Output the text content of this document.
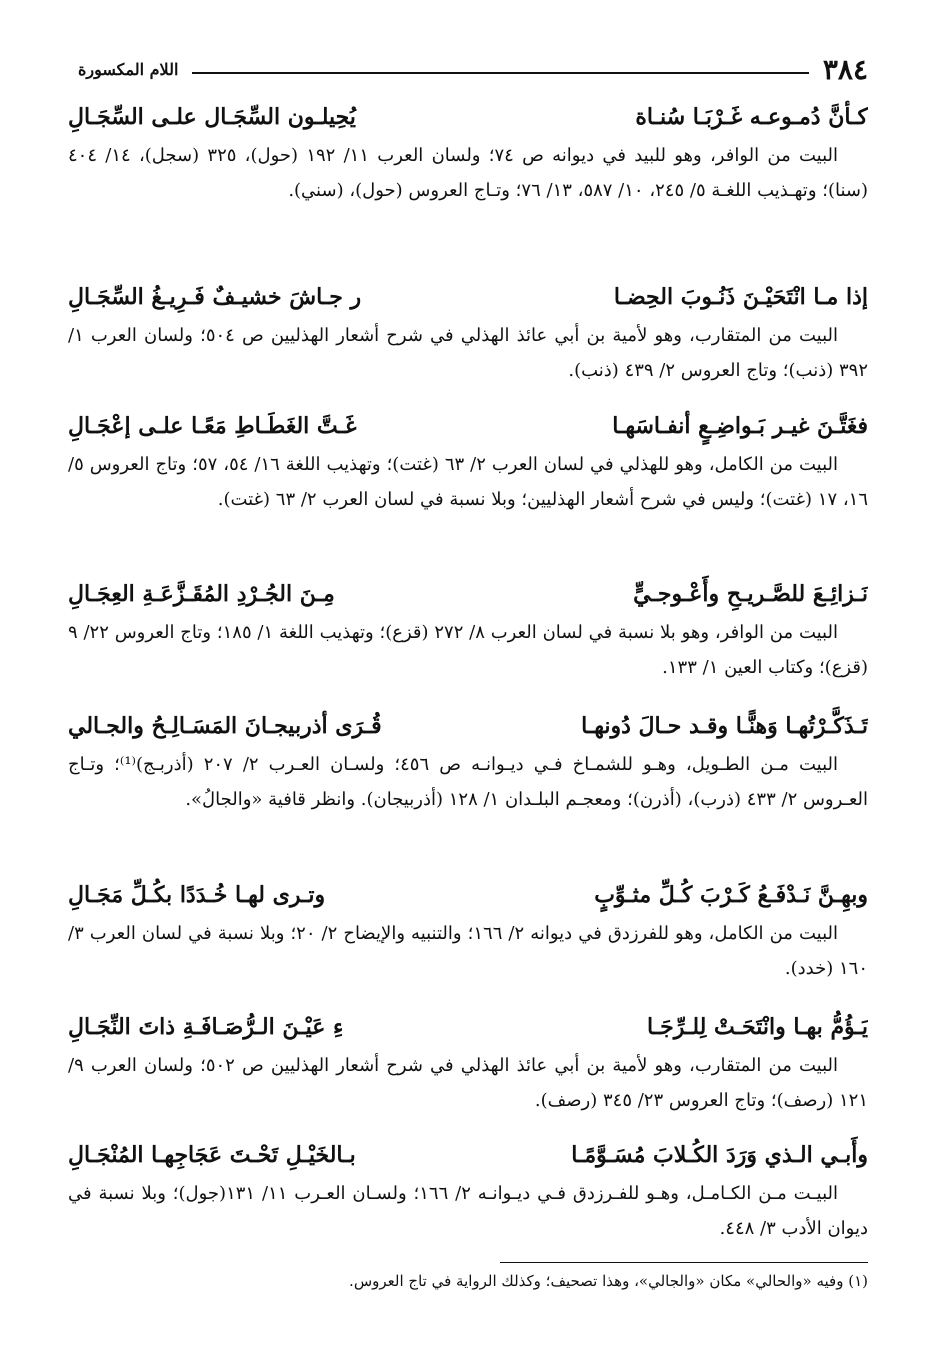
٣٨٤
اللام المكسورة
كـأنَّ دُمـوعـه غَـرْبَـا سُنـاة
يُحِيلـون السِّجَـال علـى السِّجَـالِ

البيت من الوافر، وهو للبيد في ديوانه ص ٧٤؛ ولسان العرب ١١/ ١٩٢ (حول)، ٣٢٥ (سجل)، ١٤/ ٤٠٤ (سنا)؛ وتهـذيب اللغـة ٥/ ٢٤٥، ١٠/ ٥٨٧، ١٣/ ٧٦؛ وتـاج العروس (حول)، (سني).

إذا مـا انْتَحَيْـنَ ذَنُـوبَ الحِضـا
ر جـاشَ خشيـفٌ فَـرِيـغُ السِّجَـالِ

البيت من المتقارب، وهو لأمية بن أبي عائذ الهذلي في شرح أشعار الهذليين ص ٥٠٤؛ ولسان العرب ١/ ٣٩٢ (ذنب)؛ وتاج العروس ٢/ ٤٣٩ (ذنب).

فغَتَّـنَ غيـر بَـواضِـعٍ أنفـاسَهـا
غَـتَّ الغَطَـاطِ مَعًـا علـى إعْجَـالِ

البيت من الكامل، وهو للهذلي في لسان العرب ٢/ ٦٣ (غتت)؛ وتهذيب اللغة ١٦/ ٥٤، ٥٧؛ وتاج العروس ٥/ ١٦، ١٧ (غتت)؛ وليس في شرح أشعار الهذليين؛ وبلا نسبة في لسان العرب ٢/ ٦٣ (غتت).

نَـزائِـعَ للصَّـريـحِ وأَعْـوجـيٍّ
مِـنَ الجُـرْدِ المُقَـزَّعَـةِ العِجَـالِ

البيت من الوافر، وهو بلا نسبة في لسان العرب ٨/ ٢٧٢ (قزع)؛ وتهذيب اللغة ١/ ١٨٥؛ وتاج العروس ٢٢/ ٩ (قزع)؛ وكتاب العين ١/ ١٣٣.

تَـذَكَّـرْتُهـا وَهنًّـا وقـد حـالَ دُونهـا
قُـرَى أذربيجـانَ المَسَـالِـحُ والجـالي

البيت مـن الطـويل، وهـو للشمـاخ فـي ديـوانـه ص ٤٥٦؛ ولسـان العـرب ٢/ ٢٠٧ (أذربـج)⁽¹⁾؛ وتـاج العـروس ٢/ ٤٣٣ (ذرب)، (أذرن)؛ ومعجـم البلـدان ١/ ١٢٨ (أذربيجان). وانظر قافية «والجالُ».

وبهِـنَّ نَـدْفَـعُ كَـرْبَ كُـلِّ مثـوِّبٍ
وتـرى لهـا خُـدَدًا بكُـلِّ مَجَـالِ

البيت من الكامل، وهو للفرزدق في ديوانه ٢/ ١٦٦؛ والتنبيه والإيضاح ٢/ ٢٠؛ وبلا نسبة في لسان العرب ٣/ ١٦٠ (خدد).

يَـؤُمُّ بهـا وانْتَحَـتْ لِلـرِّجَـا
ءِ عَيْـنَ الـرُّصَـافَـةِ ذاتَ النِّجَـالِ

البيت من المتقارب، وهو لأمية بن أبي عائذ الهذلي في شرح أشعار الهذليين ص ٥٠٢؛ ولسان العرب ٩/ ١٢١ (رصف)؛ وتاج العروس ٢٣/ ٣٤٥ (رصف).

وأَبـي الـذي وَرَدَ الكُـلابَ مُسَـوَّمًـا
بـالخَيْـلِ تَحْـتَ عَجَاجِهـا المُنْجَـالِ

البيـت مـن الكـامـل، وهـو للفـرزدق فـي ديـوانـه ٢/ ١٦٦؛ ولسـان العـرب ١١/ ١٣١(جول)؛ وبلا نسبة في ديوان الأدب ٣/ ٤٤٨.

(١) وفيه «والحالي» مكان «والجالي»، وهذا تصحيف؛ وكذلك الرواية في تاج العروس.
